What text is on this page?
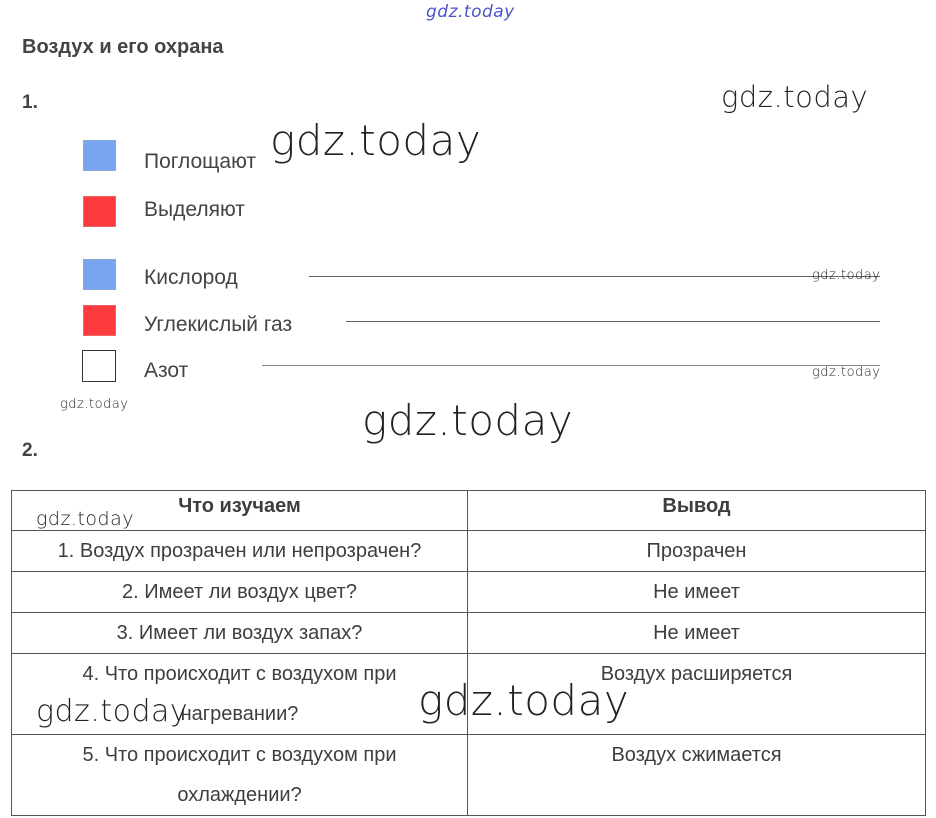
gdz.today
Воздух и его охрана
1.	gdz.today
Поглощают gdz.today
Выделяют
Кислород	gdz.today
Углекислый газ
Азот	gdz.today
gdz.today	gdz.today
2.
Что изучаем	Вывод
1. Воздух прозрачен или непрозрачен?	Прозрачен
2. Имеет ли воздух цвет?	Не имеет
3. Имеет ли воздух запах?	Не имеет

4. Что происходит с воздухом при
нагревании?	Воздух расширяется

5. Что происходит с воздухом при
охлаждении?	Воздух сжимается
gdz.today
gdz.today	gdz.today
